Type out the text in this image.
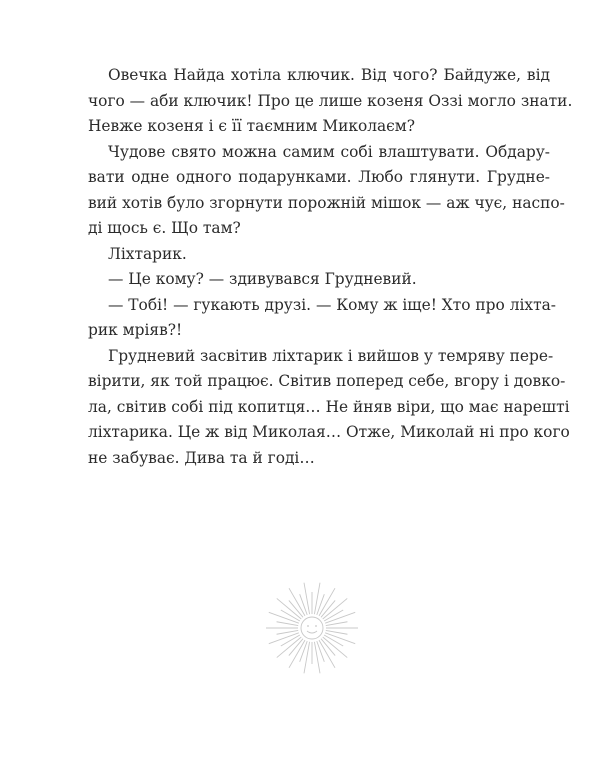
Овечка Найда хотіла ключик. Від чого? Байдуже, від
чого — аби ключик! Про це лише козеня Оззі могло знати.
Невже козеня і є її таємним Миколаєм?
Чудове свято можна самим собі влаштувати. Обдару-
вати одне одного подарунками. Любо глянути. Грудне-
вий хотів було згорнути порожній мішок — аж чує, наспо-
ді щось є. Що там?
Ліхтарик.
— Це кому? — здивувався Грудневий.
— Тобі! — гукають друзі. — Кому ж іще! Хто про ліхта-
рик мріяв?!
Грудневий засвітив ліхтарик і вийшов у темряву пере-
вірити, як той працює. Світив поперед себе, вгору і довко-
ла, світив собі під копитця… Не йняв віри, що має нарешті
ліхтарика. Це ж від Миколая… Отже, Миколай ні про кого
не забуває. Дива та й годі…
